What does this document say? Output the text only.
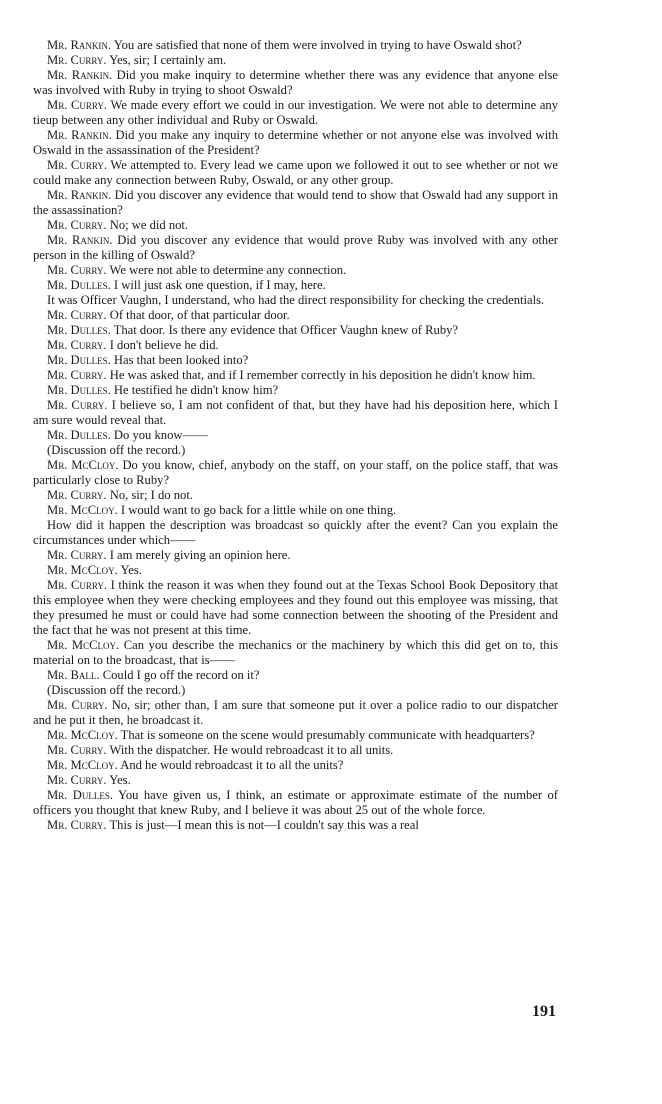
Mr. Rankin. You are satisfied that none of them were involved in trying to have Oswald shot?

Mr. Curry. Yes, sir; I certainly am.

Mr. Rankin. Did you make inquiry to determine whether there was any evidence that anyone else was involved with Ruby in trying to shoot Oswald?

Mr. Curry. We made every effort we could in our investigation. We were not able to determine any tieup between any other individual and Ruby or Oswald.

Mr. Rankin. Did you make any inquiry to determine whether or not anyone else was involved with Oswald in the assassination of the President?

Mr. Curry. We attempted to. Every lead we came upon we followed it out to see whether or not we could make any connection between Ruby, Oswald, or any other group.

Mr. Rankin. Did you discover any evidence that would tend to show that Oswald had any support in the assassination?

Mr. Curry. No; we did not.

Mr. Rankin. Did you discover any evidence that would prove Ruby was involved with any other person in the killing of Oswald?

Mr. Curry. We were not able to determine any connection.

Mr. Dulles. I will just ask one question, if I may, here.

It was Officer Vaughn, I understand, who had the direct responsibility for checking the credentials.

Mr. Curry. Of that door, of that particular door.

Mr. Dulles. That door. Is there any evidence that Officer Vaughn knew of Ruby?

Mr. Curry. I don't believe he did.

Mr. Dulles. Has that been looked into?

Mr. Curry. He was asked that, and if I remember correctly in his deposition he didn't know him.

Mr. Dulles. He testified he didn't know him?

Mr. Curry. I believe so, I am not confident of that, but they have had his deposition here, which I am sure would reveal that.

Mr. Dulles. Do you know——

(Discussion off the record.)

Mr. McCloy. Do you know, chief, anybody on the staff, on your staff, on the police staff, that was particularly close to Ruby?

Mr. Curry. No, sir; I do not.

Mr. McCloy. I would want to go back for a little while on one thing.

How did it happen the description was broadcast so quickly after the event? Can you explain the circumstances under which——

Mr. Curry. I am merely giving an opinion here.

Mr. McCloy. Yes.

Mr. Curry. I think the reason it was when they found out at the Texas School Book Depository that this employee when they were checking employees and they found out this employee was missing, that they presumed he must or could have had some connection between the shooting of the President and the fact that he was not present at this time.

Mr. McCloy. Can you describe the mechanics or the machinery by which this did get on to, this material on to the broadcast, that is——

Mr. Ball. Could I go off the record on it?

(Discussion off the record.)

Mr. Curry. No, sir; other than, I am sure that someone put it over a police radio to our dispatcher and he put it then, he broadcast it.

Mr. McCloy. That is someone on the scene would presumably communicate with headquarters?

Mr. Curry. With the dispatcher. He would rebroadcast it to all units.

Mr. McCloy. And he would rebroadcast it to all the units?

Mr. Curry. Yes.

Mr. Dulles. You have given us, I think, an estimate or approximate estimate of the number of officers you thought that knew Ruby, and I believe it was about 25 out of the whole force.

Mr. Curry. This is just—I mean this is not—I couldn't say this was a real

191
